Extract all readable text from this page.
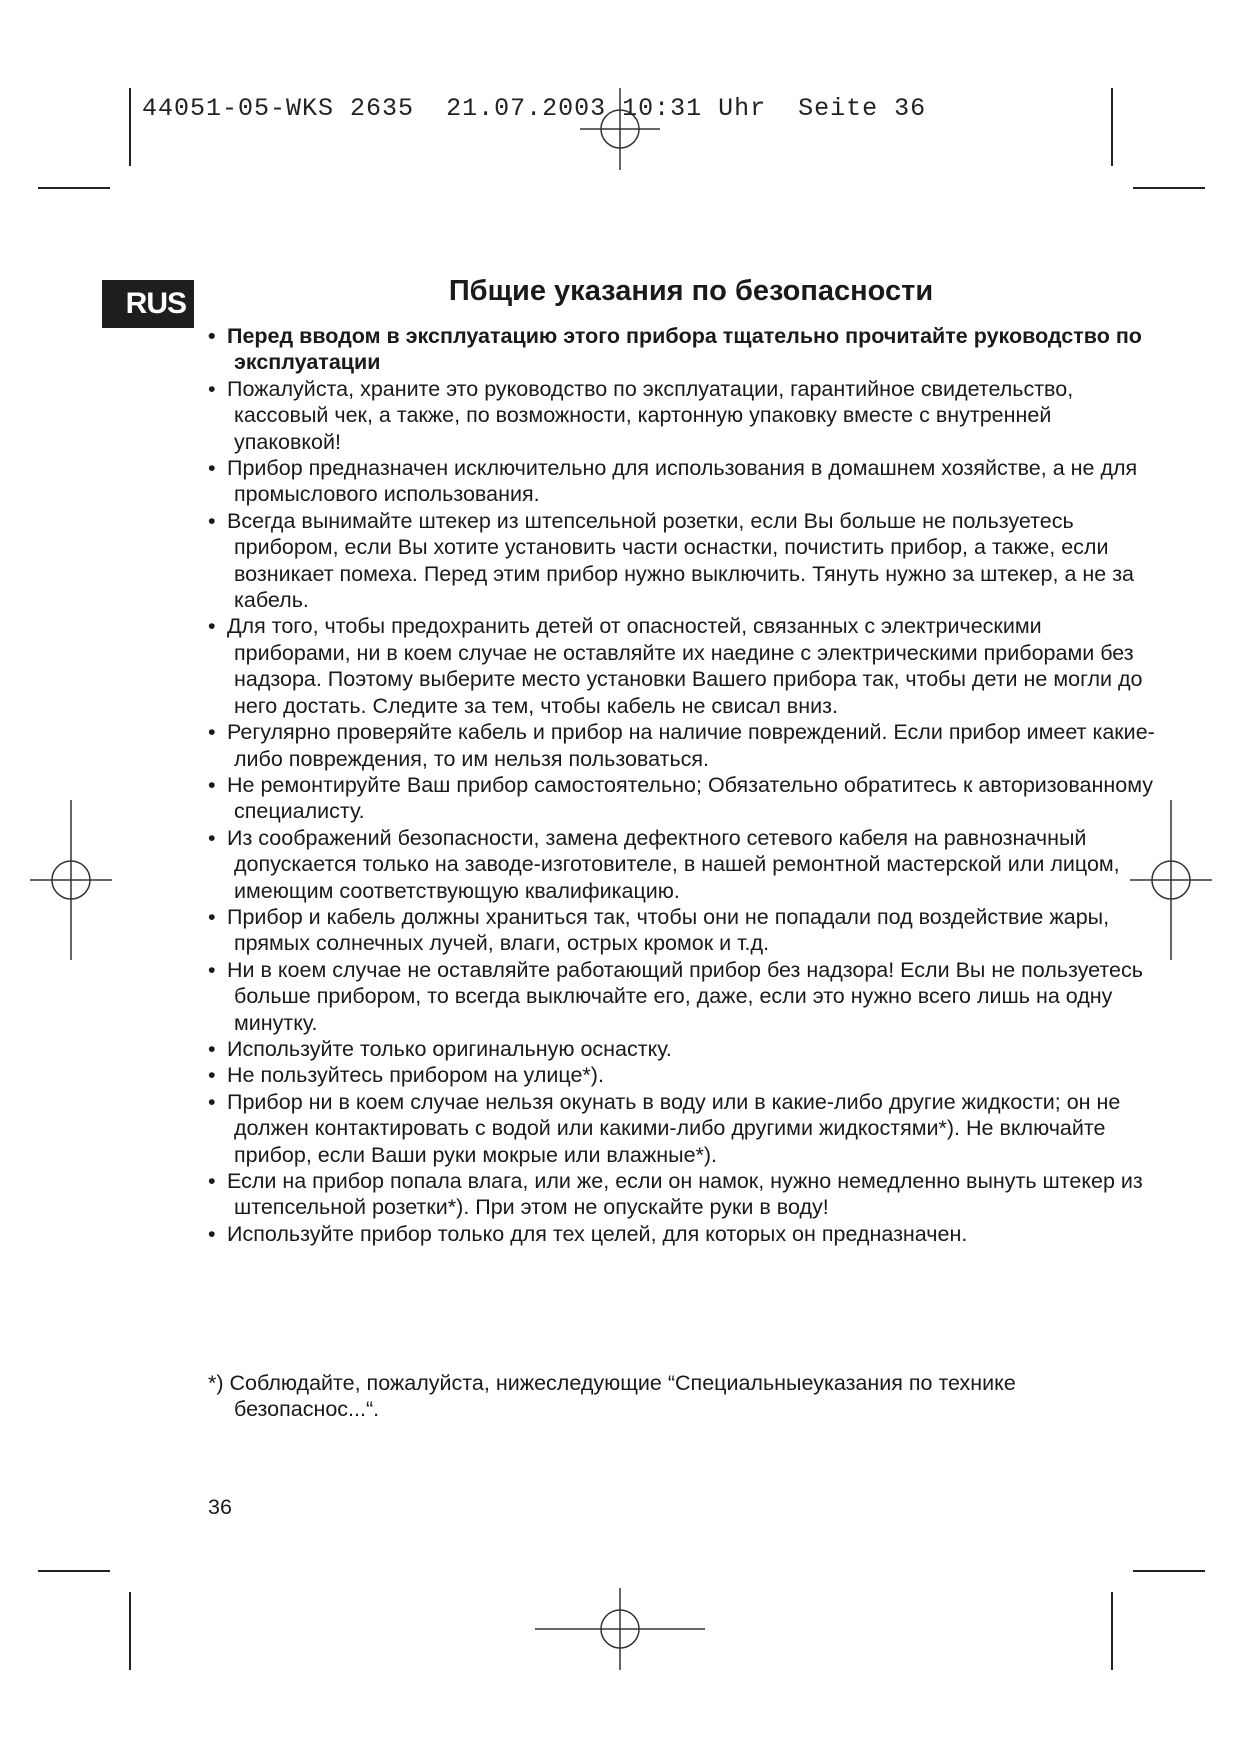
44051-05-WKS 2635 21.07.2003 10:31 Uhr Seite 36
RUS	Пбщие указания по безопасности
• Перед вводом в эксплуатацию этого прибора тщательно прочитайте руководство по эксплуатации
• Пожалуйста, храните это руководство по эксплуатации, гарантийное свидетельство, кассовый чек, а также, по возможности, картонную упаковку вместе с внутренней упаковкой!
• Прибор предназначен исключительно для использования в домашнем хозяйстве, а не для промыслового использования.
• Всегда вынимайте штекер из штепсельной розетки, если Вы больше не пользуетесь прибором, если Вы хотите установить части оснастки, почистить прибор, а также, если возникает помеха. Перед этим прибор нужно выключить. Тянуть нужно за штекер, а не за кабель.
• Для того, чтобы предохранить детей от опасностей, связанных с электрическими приборами, ни в коем случае не оставляйте их наедине с электрическими приборами без надзора. Поэтому выберите место установки Вашего прибора так, чтобы дети не могли до него достать. Следите за тем, чтобы кабель не свисал вниз.
• Регулярно проверяйте кабель и прибор на наличие повреждений. Если прибор имеет какие-либо повреждения, то им нельзя пользоваться.
• Не ремонтируйте Ваш прибор самостоятельно; Обязательно обратитесь к авторизованному специалисту.
• Из соображений безопасности, замена дефектного сетевого кабеля на равнозначный допускается только на заводе-изготовителе, в нашей ремонтной мастерской или лицом, имеющим соответствующую квалификацию.
• Прибор и кабель должны храниться так, чтобы они не попадали под воздействие жары, прямых солнечных лучей, влаги, острых кромок и т.д.
• Ни в коем случае не оставляйте работающий прибор без надзора! Если Вы не пользуетесь больше прибором, то всегда выключайте его, даже, если это нужно всего лишь на одну минутку.
• Используйте только оригинальную оснастку.
• Не пользуйтесь прибором на улице*).
• Прибор ни в коем случае нельзя окунать в воду или в какие-либо другие жидкости; он не должен контактировать с водой или какими-либо другими жидкостями*). Не включайте прибор, если Ваши руки мокрые или влажные*).
• Если на прибор попала влага, или же, если он намок, нужно немедленно вынуть штекер из штепсельной розетки*). При этом не опускайте руки в воду!
• Используйте прибор только для тех целей, для которых он предназначен.
*) Соблюдайте, пожалуйста, нижеследующие “Специальныеуказания по технике безопаснос...“.
36
